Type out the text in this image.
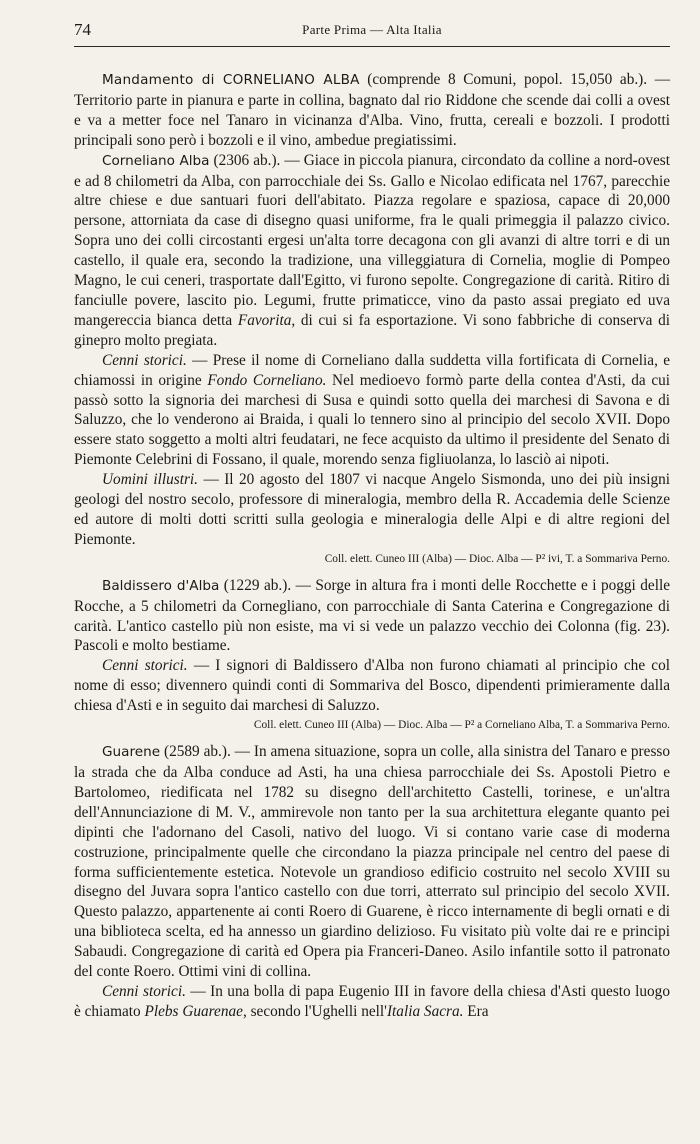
74	Parte Prima — Alta Italia

Mandamento di CORNELIANO ALBA (comprende 8 Comuni, popol. 15,050 ab.). — Territorio parte in pianura e parte in collina, bagnato dal rio Riddone che scende dai colli a ovest e va a metter foce nel Tanaro in vicinanza d'Alba. Vino, frutta, cereali e bozzoli. I prodotti principali sono però i bozzoli e il vino, ambedue pregiatissimi.

Corneliano Alba (2306 ab.). — Giace in piccola pianura, circondato da colline a nord-ovest e ad 8 chilometri da Alba, con parrocchiale dei Ss. Gallo e Nicolao edificata nel 1767, parecchie altre chiese e due santuari fuori dell'abitato. Piazza regolare e spaziosa, capace di 20,000 persone, attorniata da case di disegno quasi uniforme, fra le quali primeggia il palazzo civico. Sopra uno dei colli circostanti ergesi un'alta torre decagona con gli avanzi di altre torri e di un castello, il quale era, secondo la tradizione, una villeggiatura di Cornelia, moglie di Pompeo Magno, le cui ceneri, trasportate dall'Egitto, vi furono sepolte. Congregazione di carità. Ritiro di fanciulle povere, lascito pio. Legumi, frutte primaticce, vino da pasto assai pregiato ed uva mangereccia bianca detta Favorita, di cui si fa esportazione. Vi sono fabbriche di conserva di ginepro molto pregiata.

Cenni storici. — Prese il nome di Corneliano dalla suddetta villa fortificata di Cornelia, e chiamossi in origine Fondo Corneliano. Nel medioevo formò parte della contea d'Asti, da cui passò sotto la signoria dei marchesi di Susa e quindi sotto quella dei marchesi di Savona e di Saluzzo, che lo venderono ai Braida, i quali lo tennero sino al principio del secolo XVII. Dopo essere stato soggetto a molti altri feudatari, ne fece acquisto da ultimo il presidente del Senato di Piemonte Celebrini di Fossano, il quale, morendo senza figliuolanza, lo lasciò ai nipoti.

Uomini illustri. — Il 20 agosto del 1807 vi nacque Angelo Sismonda, uno dei più insigni geologi del nostro secolo, professore di mineralogia, membro della R. Accademia delle Scienze ed autore di molti dotti scritti sulla geologia e mineralogia delle Alpi e di altre regioni del Piemonte.

Coll. elett. Cuneo III (Alba) — Dioc. Alba — P² ivi, T. a Sommariva Perno.

Baldissero d'Alba (1229 ab.). — Sorge in altura fra i monti delle Rocchette e i poggi delle Rocche, a 5 chilometri da Cornegliano, con parrocchiale di Santa Caterina e Congregazione di carità. L'antico castello più non esiste, ma vi si vede un palazzo vecchio dei Colonna (fig. 23). Pascoli e molto bestiame.

Cenni storici. — I signori di Baldissero d'Alba non furono chiamati al principio che col nome di esso; divennero quindi conti di Sommariva del Bosco, dipendenti primieramente dalla chiesa d'Asti e in seguito dai marchesi di Saluzzo.

Coll. elett. Cuneo III (Alba) — Dioc. Alba — P² a Corneliano Alba, T. a Sommariva Perno.

Guarene (2589 ab.). — In amena situazione, sopra un colle, alla sinistra del Tanaro e presso la strada che da Alba conduce ad Asti, ha una chiesa parrocchiale dei Ss. Apostoli Pietro e Bartolomeo, riedificata nel 1782 su disegno dell'architetto Castelli, torinese, e un'altra dell'Annunciazione di M. V., ammirevole non tanto per la sua architettura elegante quanto pei dipinti che l'adornano del Casoli, nativo del luogo. Vi si contano varie case di moderna costruzione, principalmente quelle che circondano la piazza principale nel centro del paese di forma sufficientemente estetica. Notevole un grandioso edificio costruito nel secolo XVIII su disegno del Juvara sopra l'antico castello con due torri, atterrato sul principio del secolo XVII. Questo palazzo, appartenente ai conti Roero di Guarene, è ricco internamente di begli ornati e di una biblioteca scelta, ed ha annesso un giardino delizioso. Fu visitato più volte dai re e principi Sabaudi. Congregazione di carità ed Opera pia Franceri-Daneo. Asilo infantile sotto il patronato del conte Roero. Ottimi vini di collina.

Cenni storici. — In una bolla di papa Eugenio III in favore della chiesa d'Asti questo luogo è chiamato Plebs Guarenae, secondo l'Ughelli nell'Italia Sacra. Era
